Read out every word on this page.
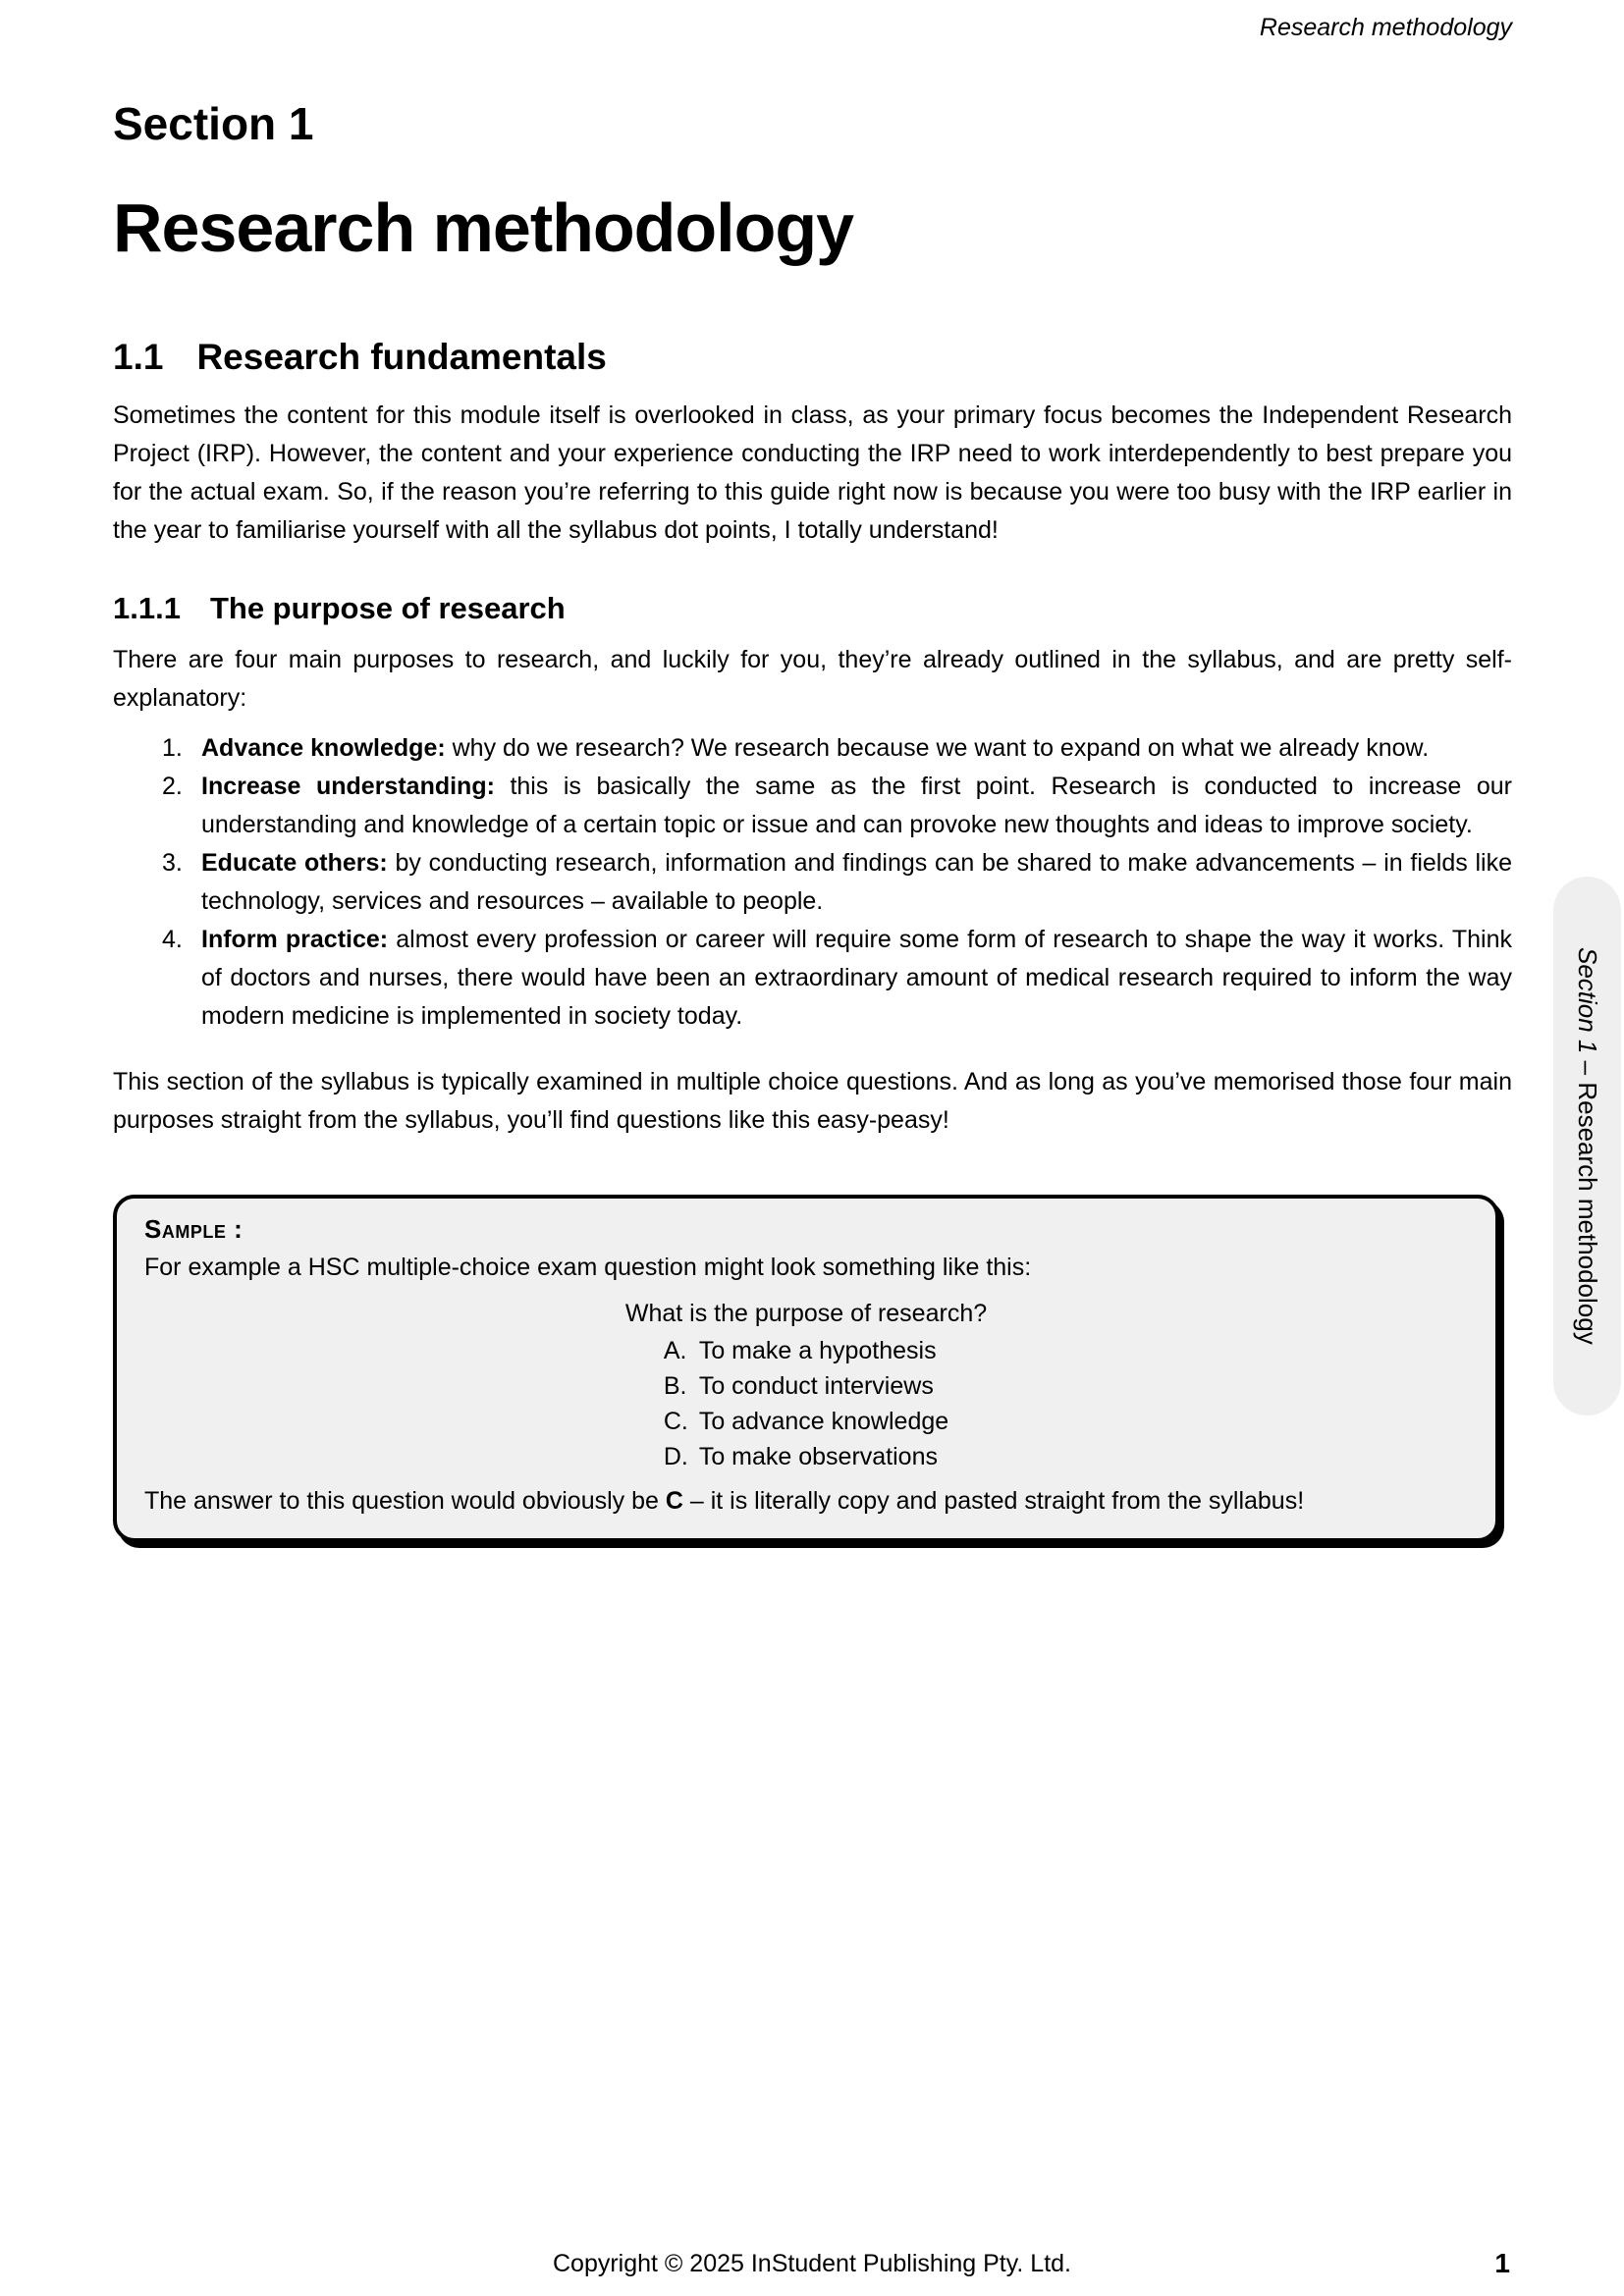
Research methodology
Section 1
Research methodology
1.1 Research fundamentals
Sometimes the content for this module itself is overlooked in class, as your primary focus becomes the Independent Research Project (IRP). However, the content and your experience conducting the IRP need to work interdependently to best prepare you for the actual exam. So, if the reason you’re referring to this guide right now is because you were too busy with the IRP earlier in the year to familiarise yourself with all the syllabus dot points, I totally understand!
1.1.1 The purpose of research
There are four main purposes to research, and luckily for you, they’re already outlined in the syllabus, and are pretty self-explanatory:
1. Advance knowledge: why do we research? We research because we want to expand on what we already know.
2. Increase understanding: this is basically the same as the first point. Research is conducted to increase our understanding and knowledge of a certain topic or issue and can provoke new thoughts and ideas to improve society.
3. Educate others: by conducting research, information and findings can be shared to make advancements – in fields like technology, services and resources – available to people.
4. Inform practice: almost every profession or career will require some form of research to shape the way it works. Think of doctors and nurses, there would have been an extraordinary amount of medical research required to inform the way modern medicine is implemented in society today.
This section of the syllabus is typically examined in multiple choice questions. And as long as you’ve memorised those four main purposes straight from the syllabus, you’ll find questions like this easy-peasy!
Sample :
For example a HSC multiple-choice exam question might look something like this:
What is the purpose of research?
A. To make a hypothesis
B. To conduct interviews
C. To advance knowledge
D. To make observations
The answer to this question would obviously be C – it is literally copy and pasted straight from the syllabus!
Section 1 – Research methodology
Copyright © 2025 InStudent Publishing Pty. Ltd.	1
